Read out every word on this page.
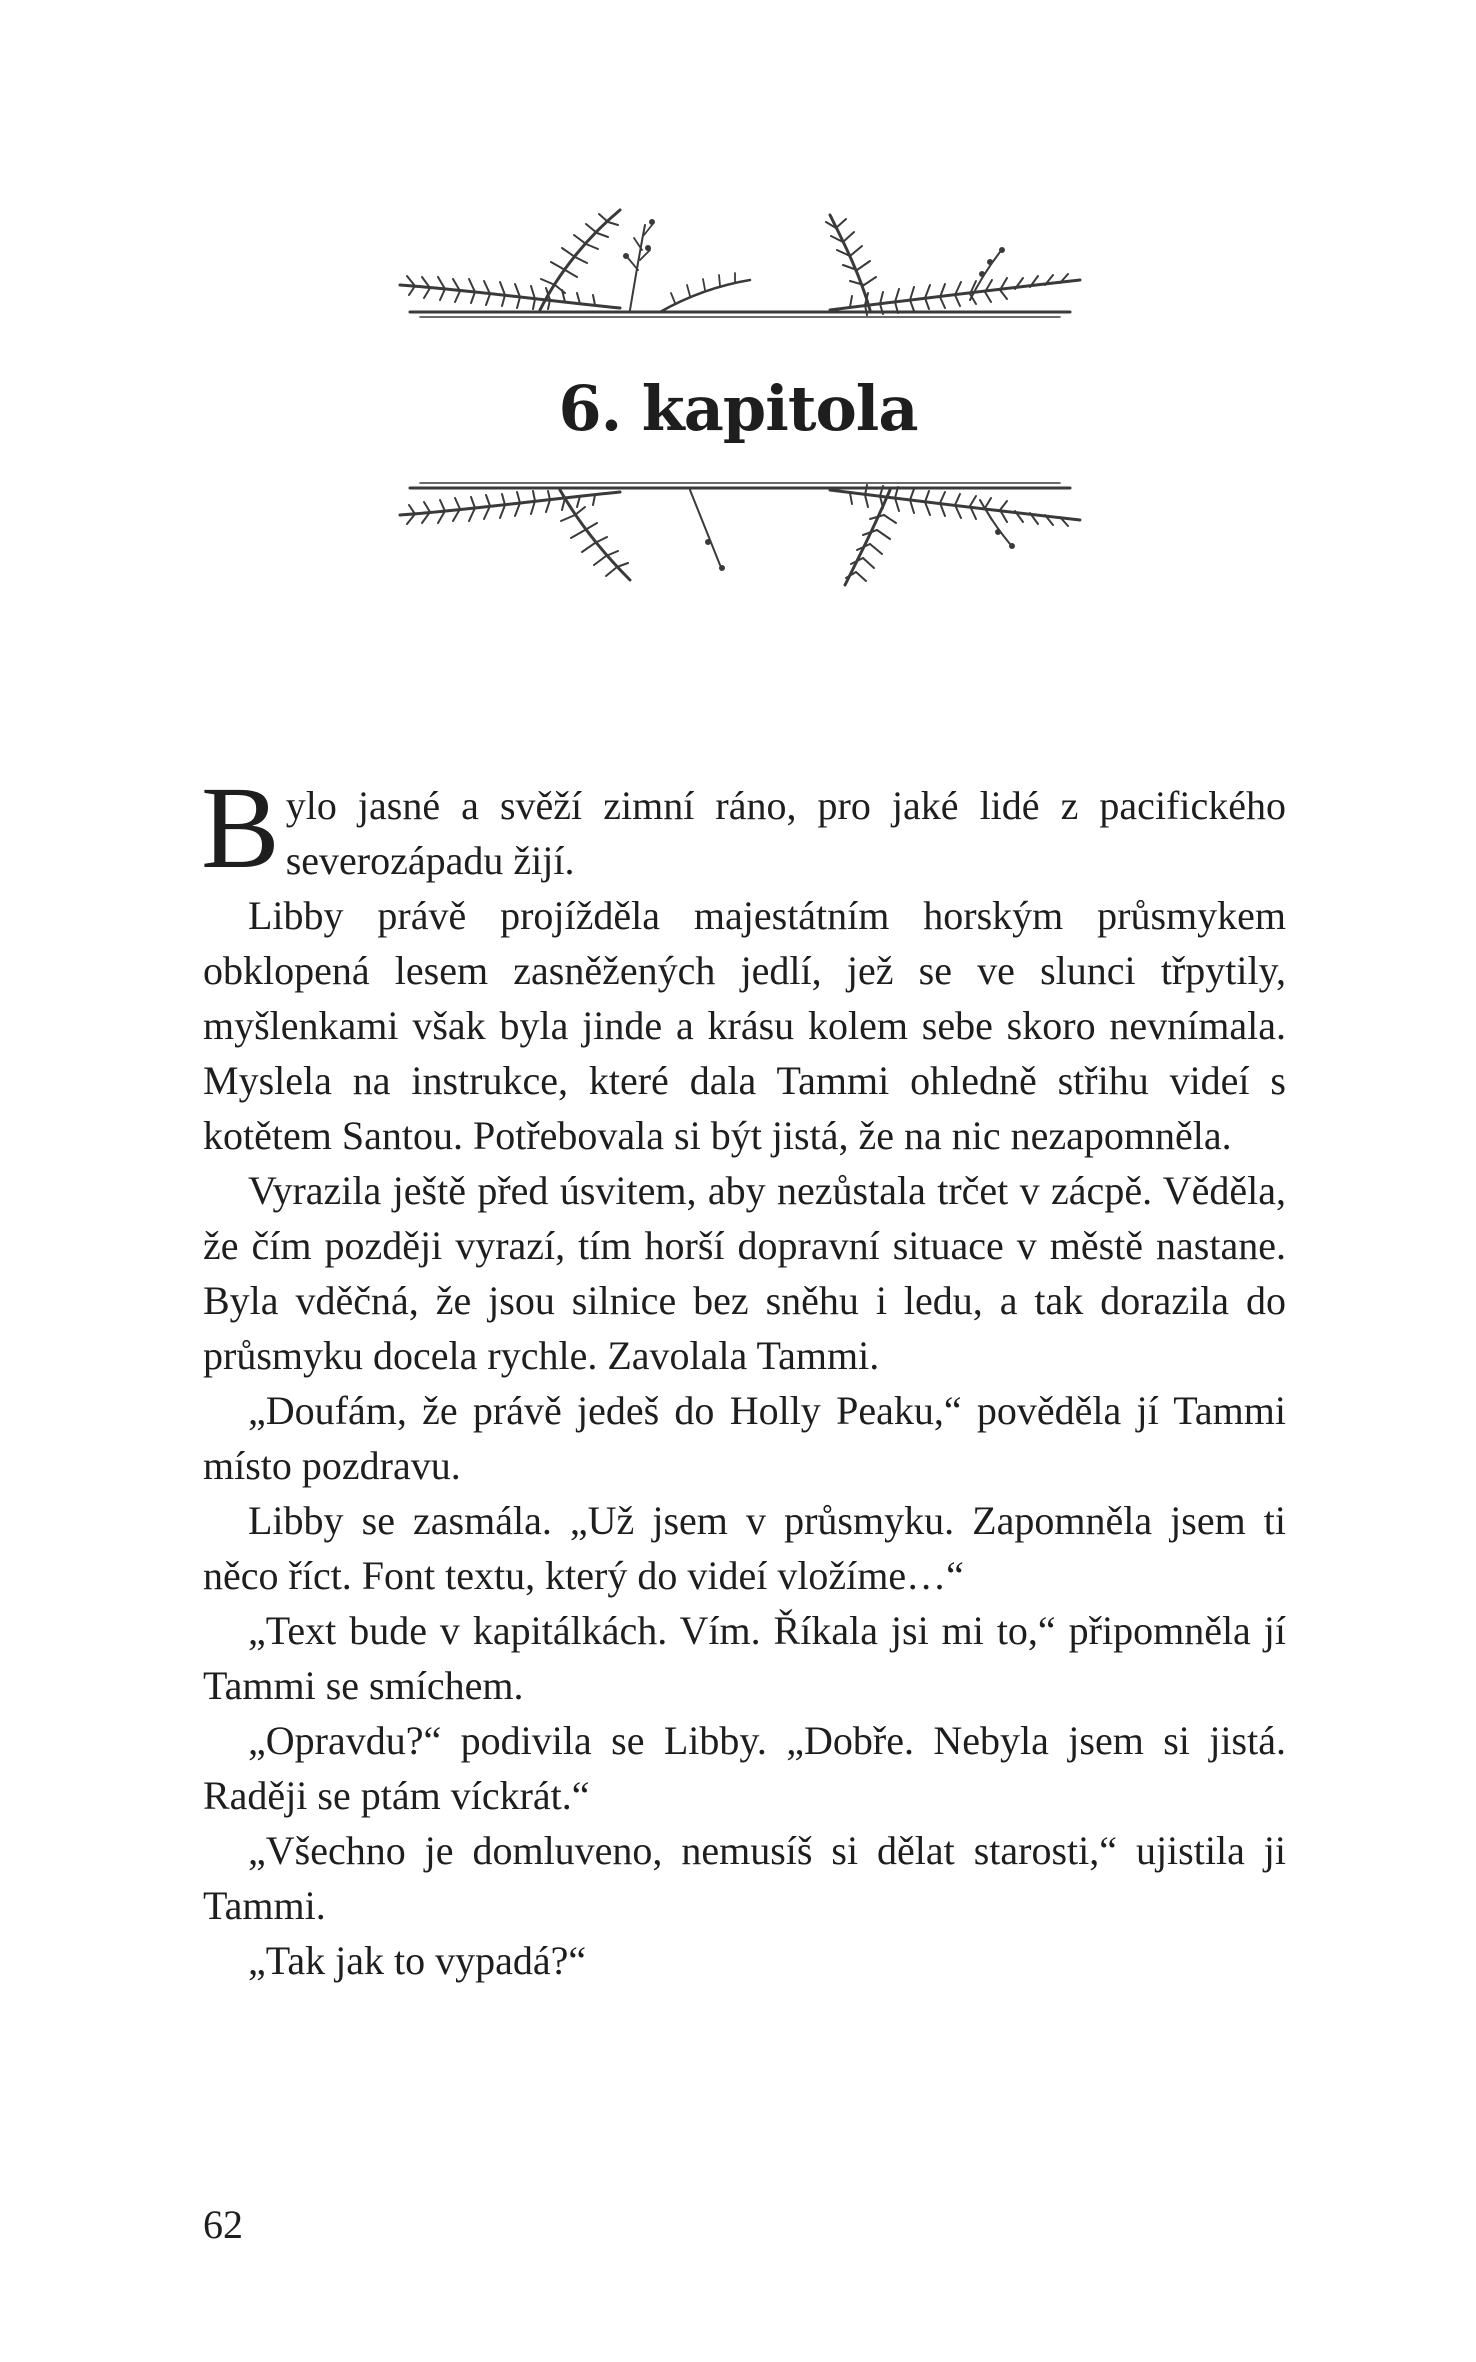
6. kapitola

Bylo jasné a svěží zimní ráno, pro jaké lidé z pacifického severozápadu žijí.

Libby právě projížděla majestátním horským průsmykem obklopená lesem zasněžených jedlí, jež se ve slunci třpytily, myšlenkami však byla jinde a krásu kolem sebe skoro nevnímala. Myslela na instrukce, které dala Tammi ohledně střihu videí s kotětem Santou. Potřebovala si být jistá, že na nic nezapomněla.

Vyrazila ještě před úsvitem, aby nezůstala trčet v zácpě. Věděla, že čím později vyrazí, tím horší dopravní situace v městě nastane. Byla vděčná, že jsou silnice bez sněhu i ledu, a tak dorazila do průsmyku docela rychle. Zavolala Tammi.

„Doufám, že právě jedeš do Holly Peaku,“ pověděla jí Tammi místo pozdravu.

Libby se zasmála. „Už jsem v průsmyku. Zapomněla jsem ti něco říct. Font textu, který do videí vložíme…“

„Text bude v kapitálkách. Vím. Říkala jsi mi to,“ připomněla jí Tammi se smíchem.

„Opravdu?“ podivila se Libby. „Dobře. Nebyla jsem si jistá. Raději se ptám víckrát.“

„Všechno je domluveno, nemusíš si dělat starosti,“ ujistila ji Tammi.

„Tak jak to vypadá?“

62
